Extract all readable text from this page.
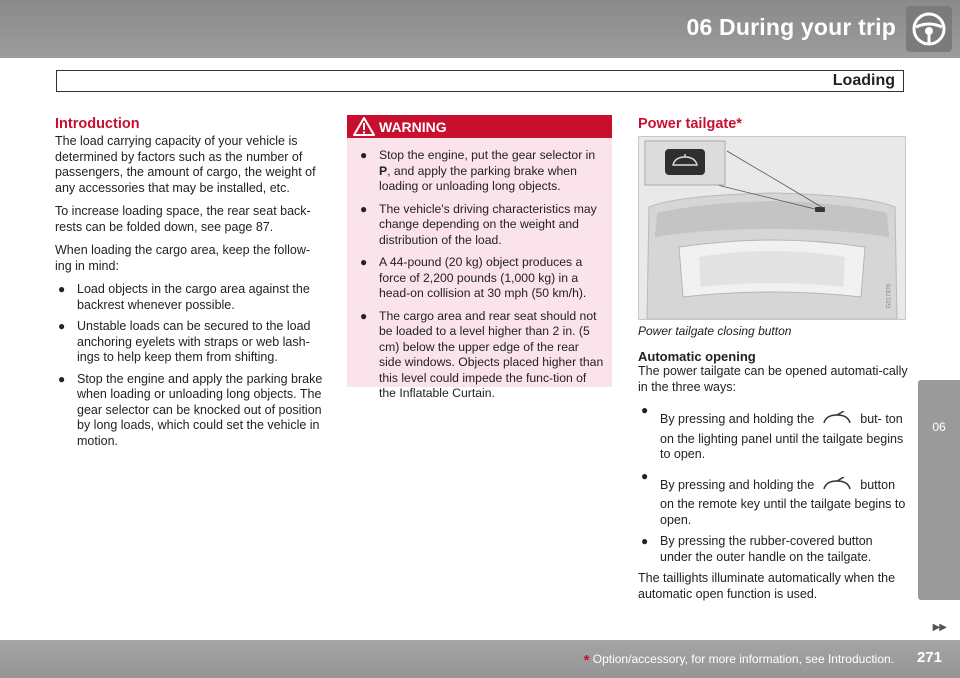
06 During your trip
Loading
06
Introduction

The load carrying capacity of your vehicle is determined by factors such as the number of passengers, the amount of cargo, the weight of any accessories that may be installed, etc.

To increase loading space, the rear seat back-rests can be folded down, see page 87.

When loading the cargo area, keep the follow-ing in mind:

● Load objects in the cargo area against the backrest whenever possible.
● Unstable loads can be secured to the load anchoring eyelets with straps or web lash-ings to help keep them from shifting.
● Stop the engine and apply the parking brake when loading or unloading long objects. The gear selector can be knocked out of position by long loads, which could set the vehicle in motion.
WARNING
● Stop the engine, put the gear selector in P, and apply the parking brake when loading or unloading long objects.
● The vehicle's driving characteristics may change depending on the weight and distribution of the load.
● A 44-pound (20 kg) object produces a force of 2,200 pounds (1,000 kg) in a head-on collision at 30 mph (50 km/h).
● The cargo area and rear seat should not be loaded to a level higher than 2 in. (5 cm) below the upper edge of the rear side windows. Objects placed higher than this level could impede the func-tion of the Inflatable Curtain.
Power tailgate*
G017876
Power tailgate closing button

Automatic opening

The power tailgate can be opened automati-cally in the three ways:

●
By pressing and holding the	but- ton on the lighting panel until the tailgate begins to open.
●
By pressing and holding the	button on the remote key until the tailgate begins to open.
● By pressing the rubber-covered button under the outer handle on the tailgate.

The taillights illuminate automatically when the automatic open function is used.

▶▶
* Option/accessory, for more information, see Introduction. 271
